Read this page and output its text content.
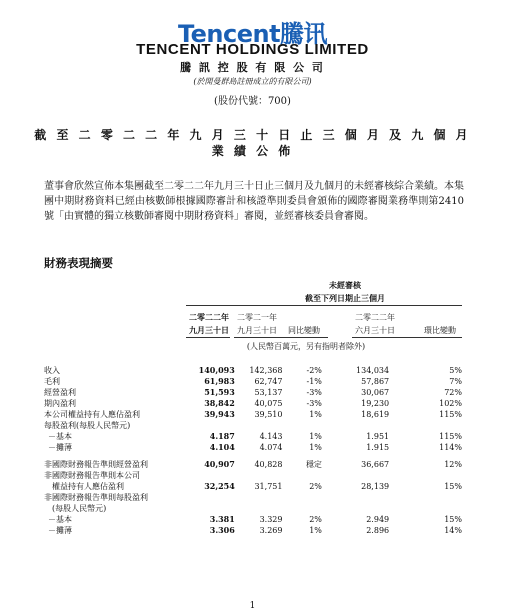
Tencent騰讯
TENCENT HOLDINGS LIMITED
騰 訊 控 股 有 限 公 司
(於開曼群島註冊成立的有限公司)
(股份代號：700)
截 至 二 零 二 二 年 九 月 三 十 日 止 三 個 月 及 九 個 月
業 績 公 佈
董事會欣然宣佈本集團截至二零二二年九月三十日止三個月及九個月的未經審核綜合業績。本集團中期財務資料已經由核數師根據國際審計和核證準則委員會頒佈的國際審閱業務準則第2410號「由實體的獨立核數師審閱中期財務資料」審閱，並經審核委員會審閱。
財務表現摘要
未經審核
截至下列日期止三個月
二零二二年
九月三十日
二零二一年
九月三十日	同比變動
二零二二年
六月三十日	環比變動
(人民幣百萬元，另有指明者除外)
收入	140,093	142,368	-2%	134,034	5%
毛利	61,983	62,747	-1%	57,867	7%
經營盈利	51,593	53,137	-3%	30,067	72%
期內盈利	38,842	40,075	-3%	19,230	102%
本公司權益持有人應佔盈利	39,943	39,510	1%	18,619	115%
每股盈利(每股人民幣元)					
－基本	4.187	4.143	1%	1.951	115%
－攤薄	4.104	4.074	1%	1.915	114%

非國際財務報告準則經營盈利	40,907	40,828	穩定	36,667	12%
非國際財務報告準則本公司					
　權益持有人應佔盈利	32,254	31,751	2%	28,139	15%
非國際財務報告準則每股盈利					
　(每股人民幣元)					
－基本	3.381	3.329	2%	2.949	15%
－攤薄	3.306	3.269	1%	2.896	14%
1
